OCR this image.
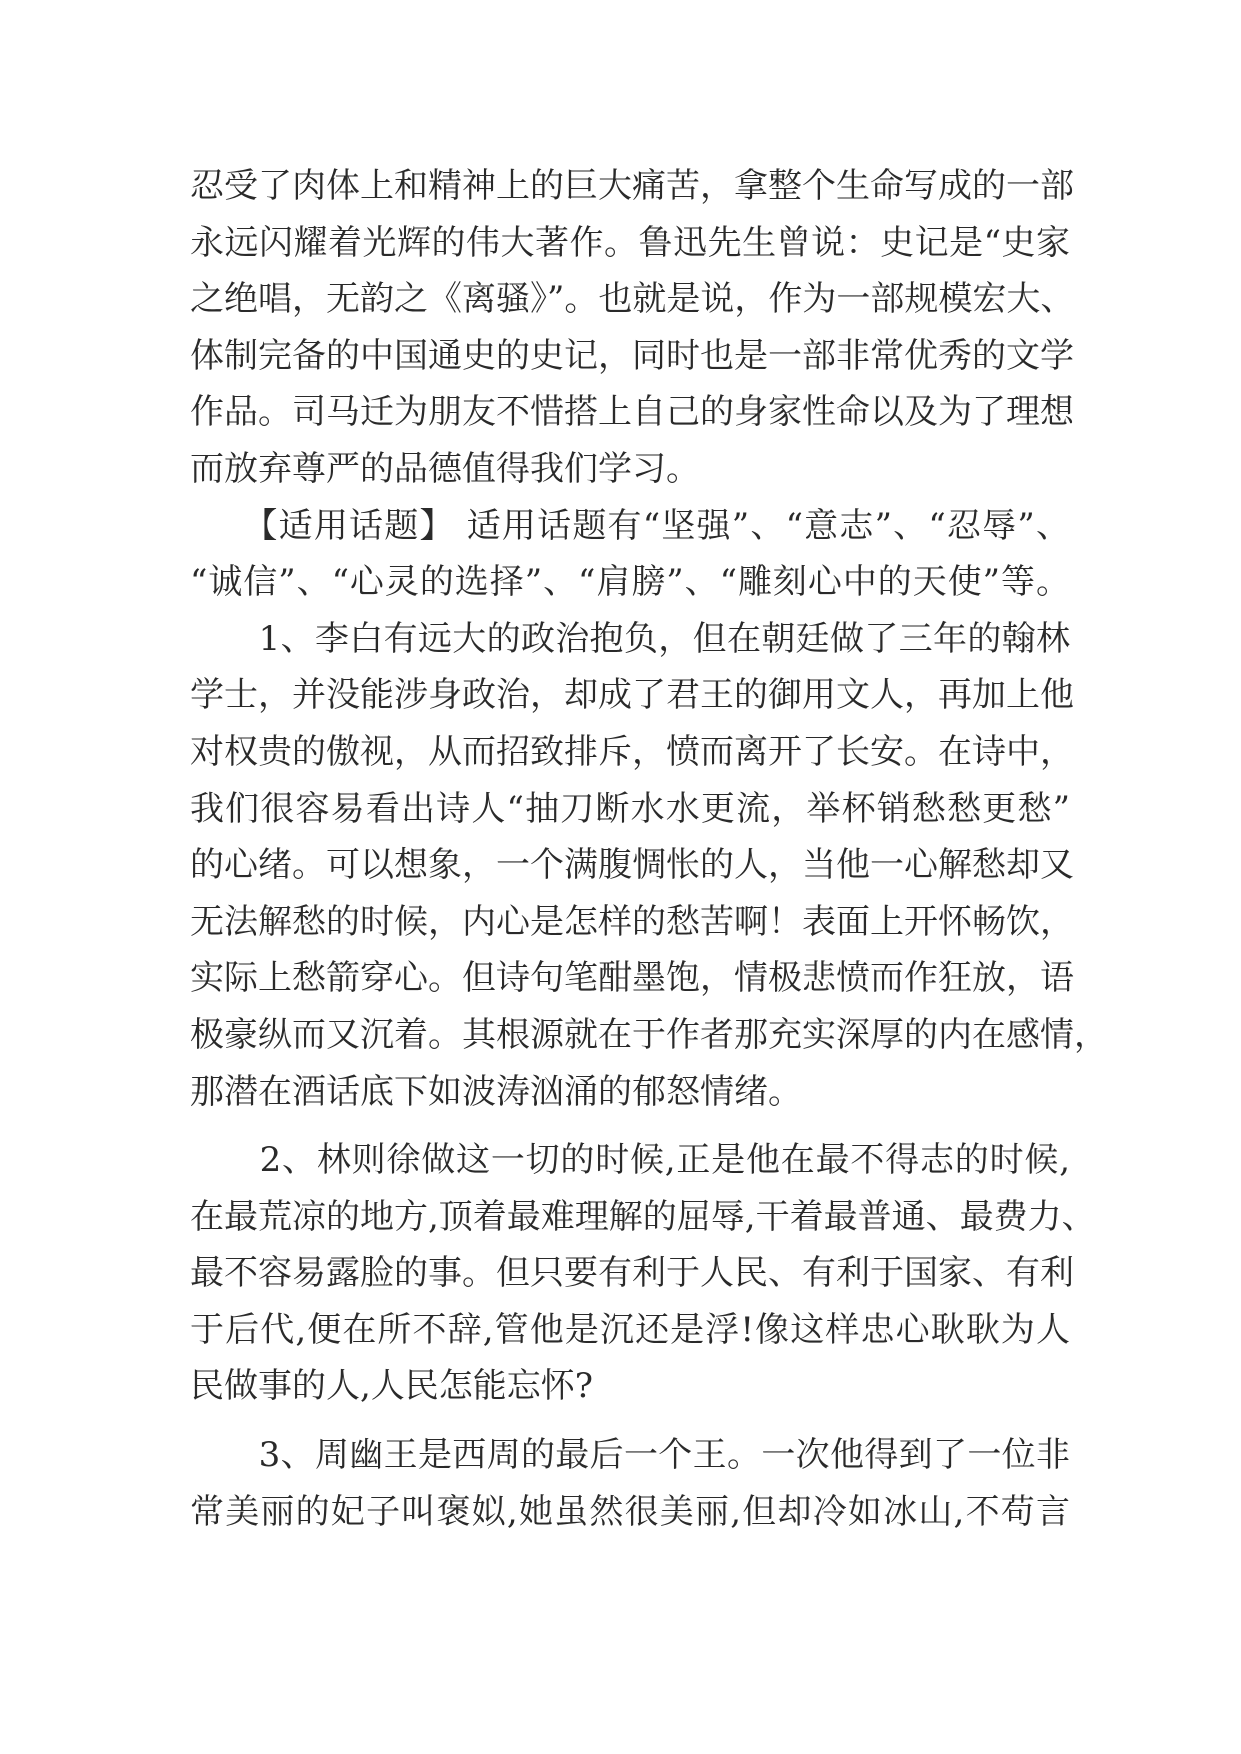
忍受了肉体上和精神上的巨大痛苦，拿整个生命写成的一部
永远闪耀着光辉的伟大著作。鲁迅先生曾说：史记是“史家
之绝唱，无韵之《离骚》”。也就是说，作为一部规模宏大、
体制完备的中国通史的史记，同时也是一部非常优秀的文学
作品。司马迁为朋友不惜搭上自己的身家性命以及为了理想
而放弃尊严的品德值得我们学习。
　　【适用话题】 适用话题有“坚强”、“意志”、“忍辱”、
“诚信”、“心灵的选择”、“肩膀”、“雕刻心中的天使”等。
　　1、李白有远大的政治抱负，但在朝廷做了三年的翰林
学士，并没能涉身政治，却成了君王的御用文人，再加上他
对权贵的傲视，从而招致排斥，愤而离开了长安。在诗中，
我们很容易看出诗人“抽刀断水水更流，举杯销愁愁更愁”
的心绪。可以想象，一个满腹惆怅的人，当他一心解愁却又
无法解愁的时候，内心是怎样的愁苦啊！表面上开怀畅饮，
实际上愁箭穿心。但诗句笔酣墨饱，情极悲愤而作狂放，语
极豪纵而又沉着。其根源就在于作者那充实深厚的内在感情，
那潜在酒话底下如波涛汹涌的郁怒情绪。
　　2、林则徐做这一切的时候,正是他在最不得志的时候,
在最荒凉的地方,顶着最难理解的屈辱,干着最普通、最费力、
最不容易露脸的事。但只要有利于人民、有利于国家、有利
于后代,便在所不辞,管他是沉还是浮!像这样忠心耿耿为人
民做事的人,人民怎能忘怀?
　　3、周幽王是西周的最后一个王。一次他得到了一位非
常美丽的妃子叫褒姒,她虽然很美丽,但却冷如冰山,不苟言
